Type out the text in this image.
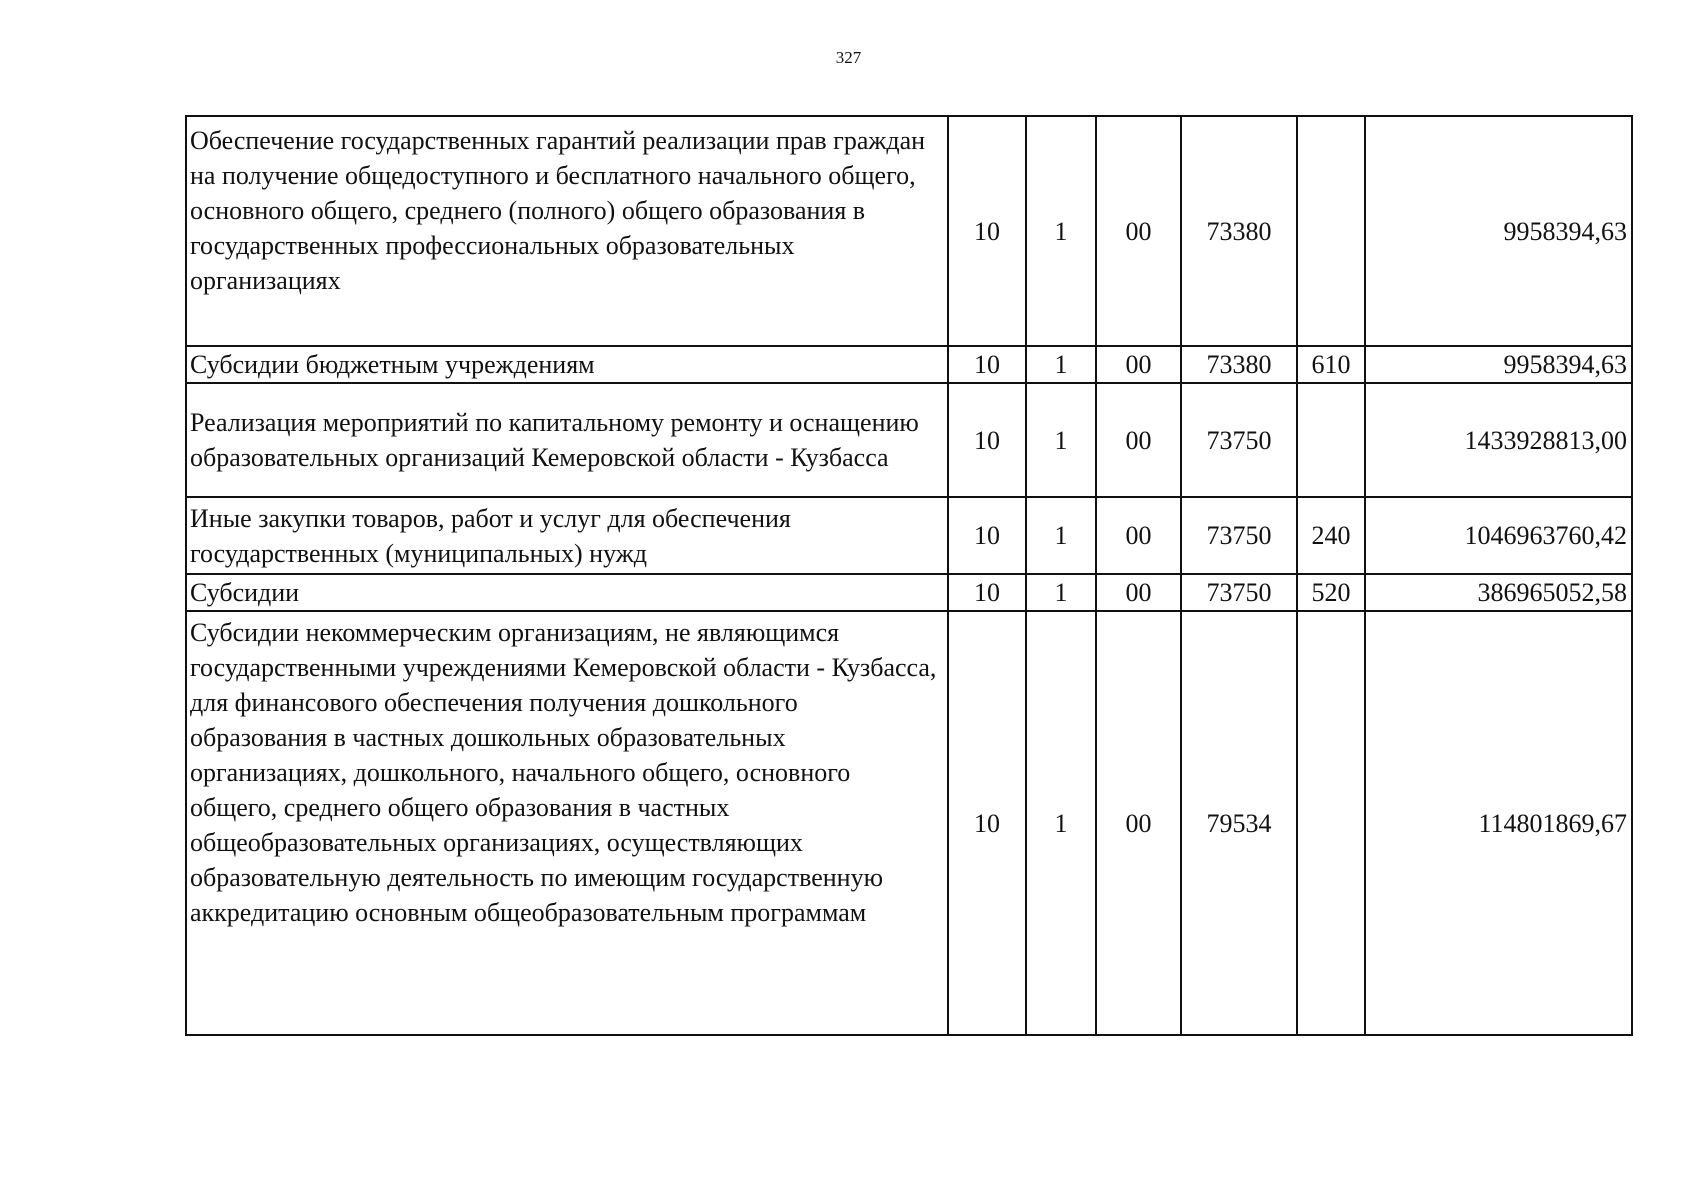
327
Обеспечение государственных гарантий реализации прав граждан на получение общедоступного и бесплатного начального общего, основного общего, среднего (полного) общего образования в государственных профессиональных образовательных организациях	10	1	00	73380		9958394,63
Субсидии бюджетным учреждениям	10	1	00	73380	610	9958394,63
Реализация мероприятий по капитальному ремонту и оснащению образовательных организаций Кемеровской области - Кузбасса	10	1	00	73750		1433928813,00
Иные закупки товаров, работ и услуг для обеспечения государственных (муниципальных) нужд	10	1	00	73750	240	1046963760,42
Субсидии	10	1	00	73750	520	386965052,58
Субсидии некоммерческим организациям, не являющимся государственными учреждениями Кемеровской области - Кузбасса, для финансового обеспечения получения дошкольного образования в частных дошкольных образовательных организациях, дошкольного, начального общего, основного общего, среднего общего образования в частных общеобразовательных организациях, осуществляющих образовательную деятельность по имеющим государственную аккредитацию основным общеобразовательным программам	10	1	00	79534		114801869,67
